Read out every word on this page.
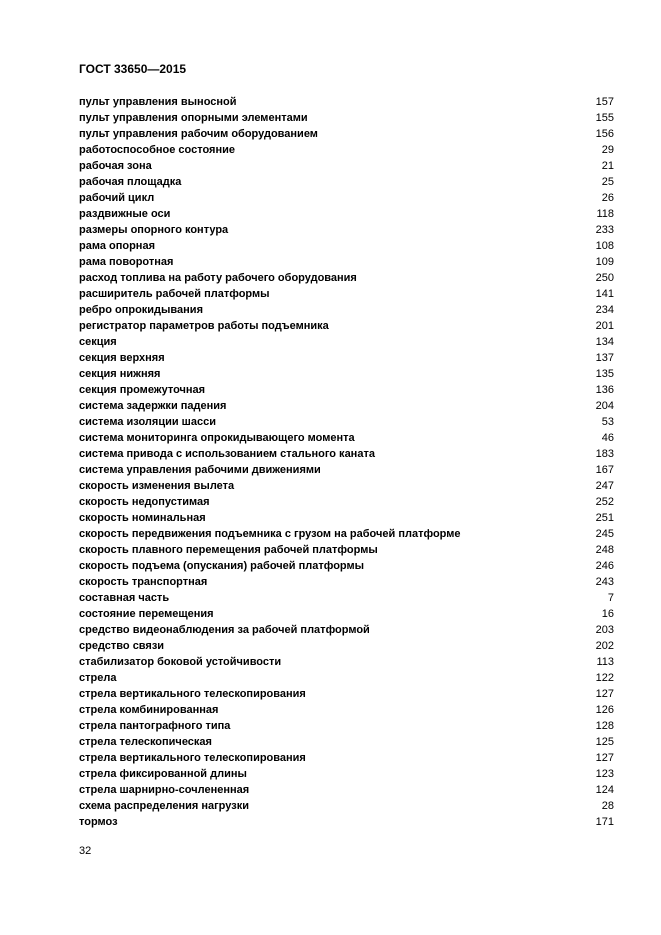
ГОСТ 33650—2015
пульт управления выносной	157
пульт управления опорными элементами	155
пульт управления рабочим оборудованием	156
работоспособное состояние	29
рабочая зона	21
рабочая площадка	25
рабочий цикл	26
раздвижные оси	118
размеры опорного контура	233
рама опорная	108
рама поворотная	109
расход топлива на работу рабочего оборудования	250
расширитель рабочей платформы	141
ребро опрокидывания	234
регистратор параметров работы подъемника	201
секция	134
секция верхняя	137
секция нижняя	135
секция промежуточная	136
система задержки падения	204
система изоляции шасси	53
система мониторинга опрокидывающего момента	46
система привода с использованием стального каната	183
система управления рабочими движениями	167
скорость изменения вылета	247
скорость недопустимая	252
скорость номинальная	251
скорость передвижения подъемника с грузом на рабочей платформе	245
скорость плавного перемещения рабочей платформы	248
скорость подъема (опускания) рабочей платформы	246
скорость транспортная	243
составная часть	7
состояние перемещения	16
средство видеонаблюдения за рабочей платформой	203
средство связи	202
стабилизатор боковой устойчивости	113
стрела	122
стрела вертикального телескопирования	127
стрела комбинированная	126
стрела пантографного типа	128
стрела телескопическая	125
стрела вертикального телескопирования	127
стрела фиксированной длины	123
стрела шарнирно-сочлененная	124
схема распределения нагрузки	28
тормоз	171
32
